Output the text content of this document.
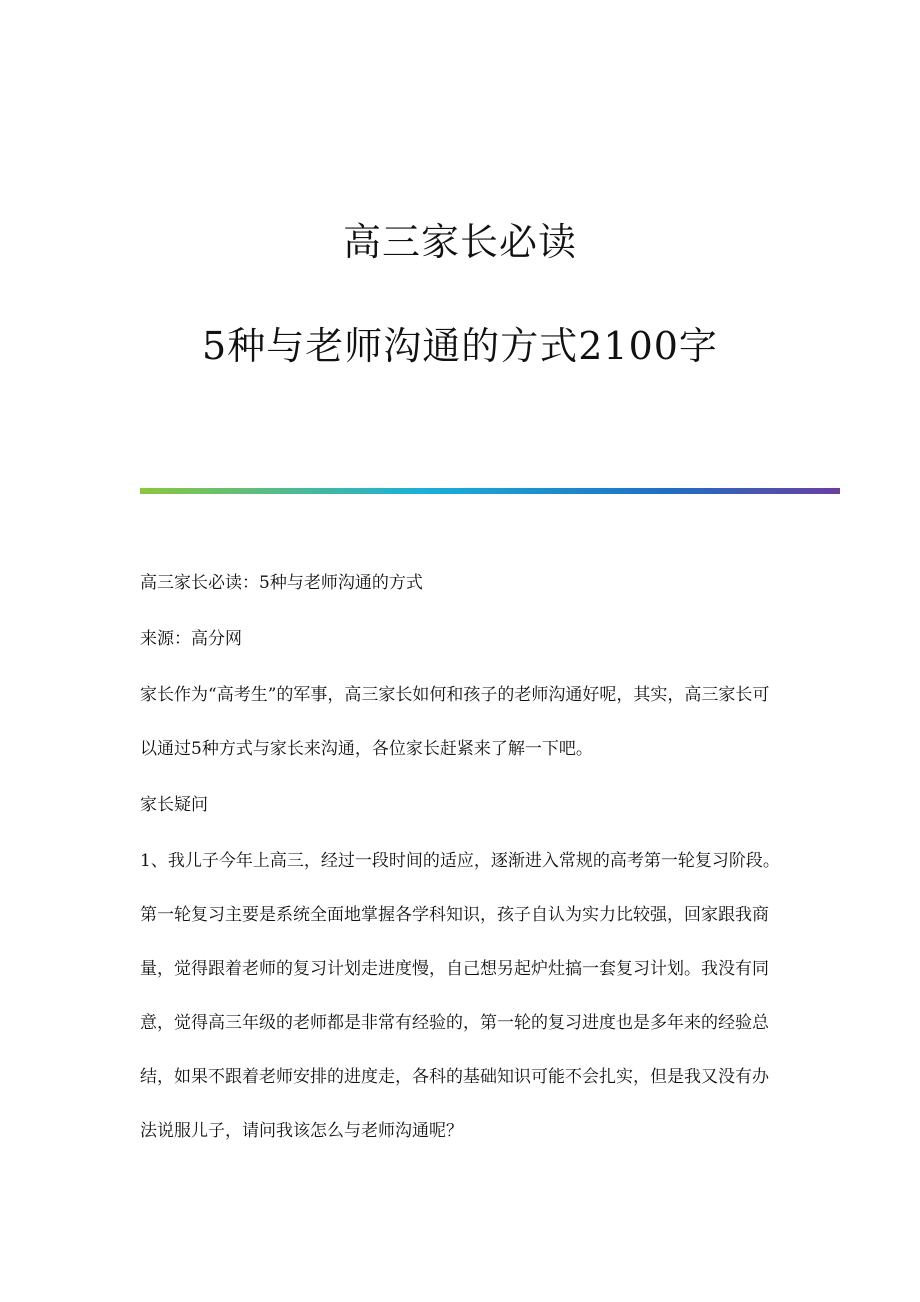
高三家长必读
5种与老师沟通的方式2100字

高三家长必读：5种与老师沟通的方式

来源：高分网

家长作为“高考生”的军事，高三家长如何和孩子的老师沟通好呢，其实，高三家长可以通过5种方式与家长来沟通，各位家长赶紧来了解一下吧。

家长疑问

1、我儿子今年上高三，经过一段时间的适应，逐渐进入常规的高考第一轮复习阶段。第一轮复习主要是系统全面地掌握各学科知识，孩子自认为实力比较强，回家跟我商量，觉得跟着老师的复习计划走进度慢，自己想另起炉灶搞一套复习计划。我没有同意，觉得高三年级的老师都是非常有经验的，第一轮的复习进度也是多年来的经验总结，如果不跟着老师安排的进度走，各科的基础知识可能不会扎实，但是我又没有办法说服儿子，请问我该怎么与老师沟通呢？
